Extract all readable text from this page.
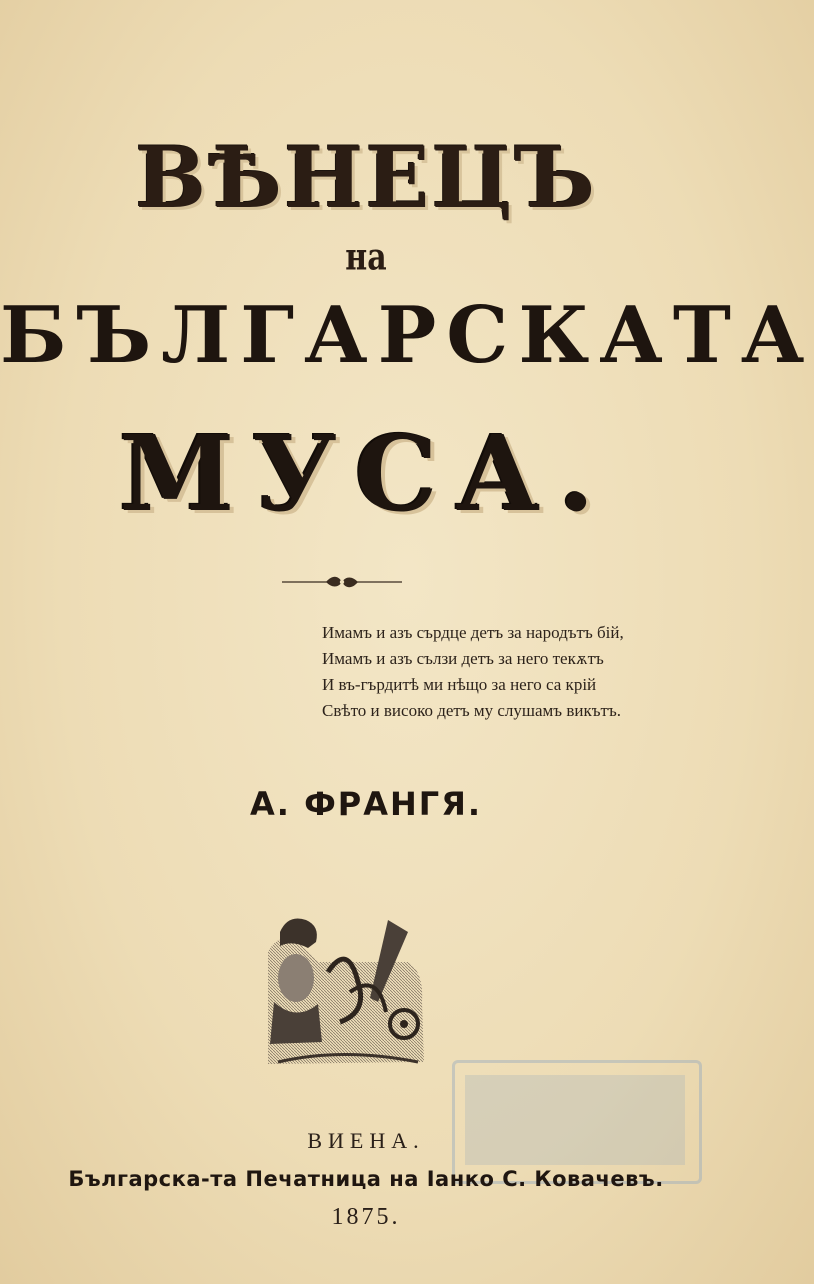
ВѢНЕЦЪ
на
БЪЛГАРСКАТА
МУСА.
Имамъ и азъ сърдце детъ за народътъ бій,
Имамъ и азъ сълзи детъ за него текѫтъ
И въ-гърдитѣ ми нѣщо за него са крій
Свѣто и високо детъ му слушамъ викътъ.
А. ФРАНГЯ.
ВИЕНА.
Българска-та Печатница на Іанко С. Ковачевъ.
1875.
